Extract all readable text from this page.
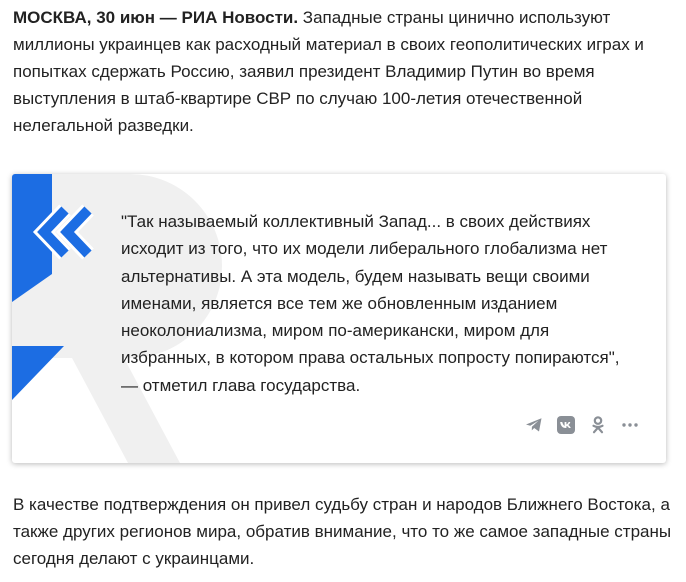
МОСКВА, 30 июн — РИА Новости. Западные страны цинично используют миллионы украинцев как расходный материал в своих геополитических играх и попытках сдержать Россию, заявил президент Владимир Путин во время выступления в штаб-квартире СВР по случаю 100-летия отечественной нелегальной разведки.

"Так называемый коллективный Запад... в своих действиях исходит из того, что их модели либерального глобализма нет альтернативы. А эта модель, будем называть вещи своими именами, является все тем же обновленным изданием неоколониализма, миром по-американски, миром для избранных, в котором права остальных попросту попираются", — отметил глава государства.

В качестве подтверждения он привел судьбу стран и народов Ближнего Востока, а также других регионов мира, обратив внимание, что то же самое западные страны сегодня делают с украинцами.
